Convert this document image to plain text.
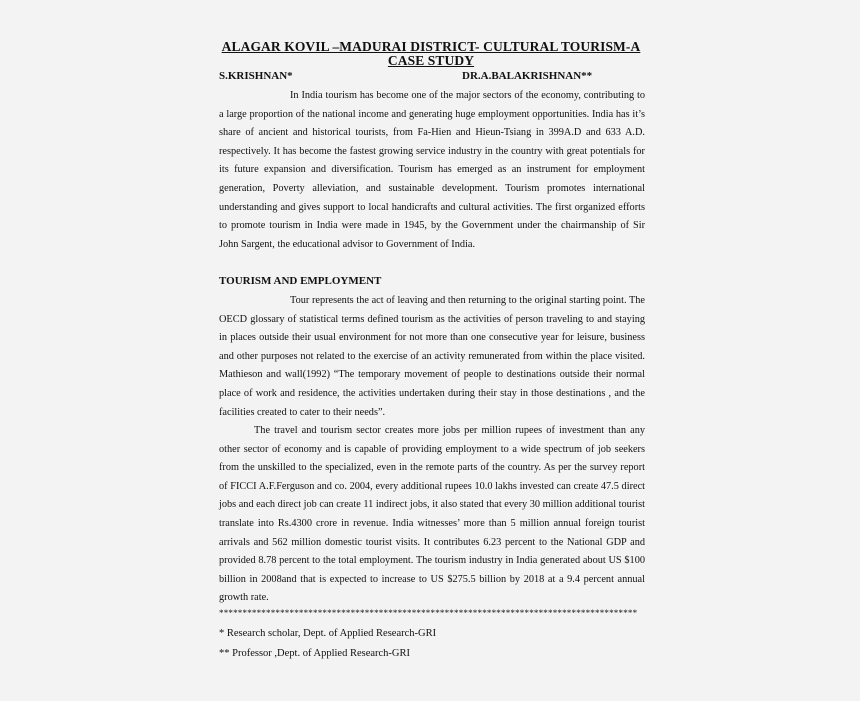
ALAGAR KOVIL –MADURAI DISTRICT- CULTURAL TOURISM-A CASE STUDY
S.KRISHNAN*	DR.A.BALAKRISHNAN**

In India tourism has become one of the major sectors of the economy, contributing to a large proportion of the national income and generating huge employment opportunities. India has it’s share of ancient and historical tourists, from Fa-Hien and Hieun-Tsiang in 399A.D and 633 A.D. respectively. It has become the fastest growing service industry in the country with great potentials for its future expansion and diversification. Tourism has emerged as an instrument for employment generation, Poverty alleviation, and sustainable development. Tourism promotes international understanding and gives support to local handicrafts and cultural activities. The first organized efforts to promote tourism in India were made in 1945, by the Government under the chairmanship of Sir John Sargent, the educational advisor to Government of India.

TOURISM AND EMPLOYMENT

Tour represents the act of leaving and then returning to the original starting point. The OECD glossary of statistical terms defined tourism as the activities of person traveling to and staying in places outside their usual environment for not more than one consecutive year for leisure, business and other purposes not related to the exercise of an activity remunerated from within the place visited. Mathieson and wall(1992) “The temporary movement of people to destinations outside their normal place of work and residence, the activities undertaken during their stay in those destinations , and the facilities created to cater to their needs”.

The travel and tourism sector creates more jobs per million rupees of investment than any other sector of economy and is capable of providing employment to a wide spectrum of job seekers from the unskilled to the specialized, even in the remote parts of the country. As per the survey report of FICCI A.F.Ferguson and co. 2004, every additional rupees 10.0 lakhs invested can create 47.5 direct jobs and each direct job can create 11 indirect jobs, it also stated that every 30 million additional tourist translate into Rs.4300 crore in revenue. India witnesses’ more than 5 million annual foreign tourist arrivals and 562 million domestic tourist visits. It contributes 6.23 percent to the National GDP and provided 8.78 percent to the total employment. The tourism industry in India generated about US $100 billion in 2008and that is expected to increase to US $275.5 billion by 2018 at a 9.4 percent annual growth rate.

*****************************************************************************************
* Research scholar, Dept. of Applied Research-GRI
** Professor ,Dept. of Applied Research-GRI
